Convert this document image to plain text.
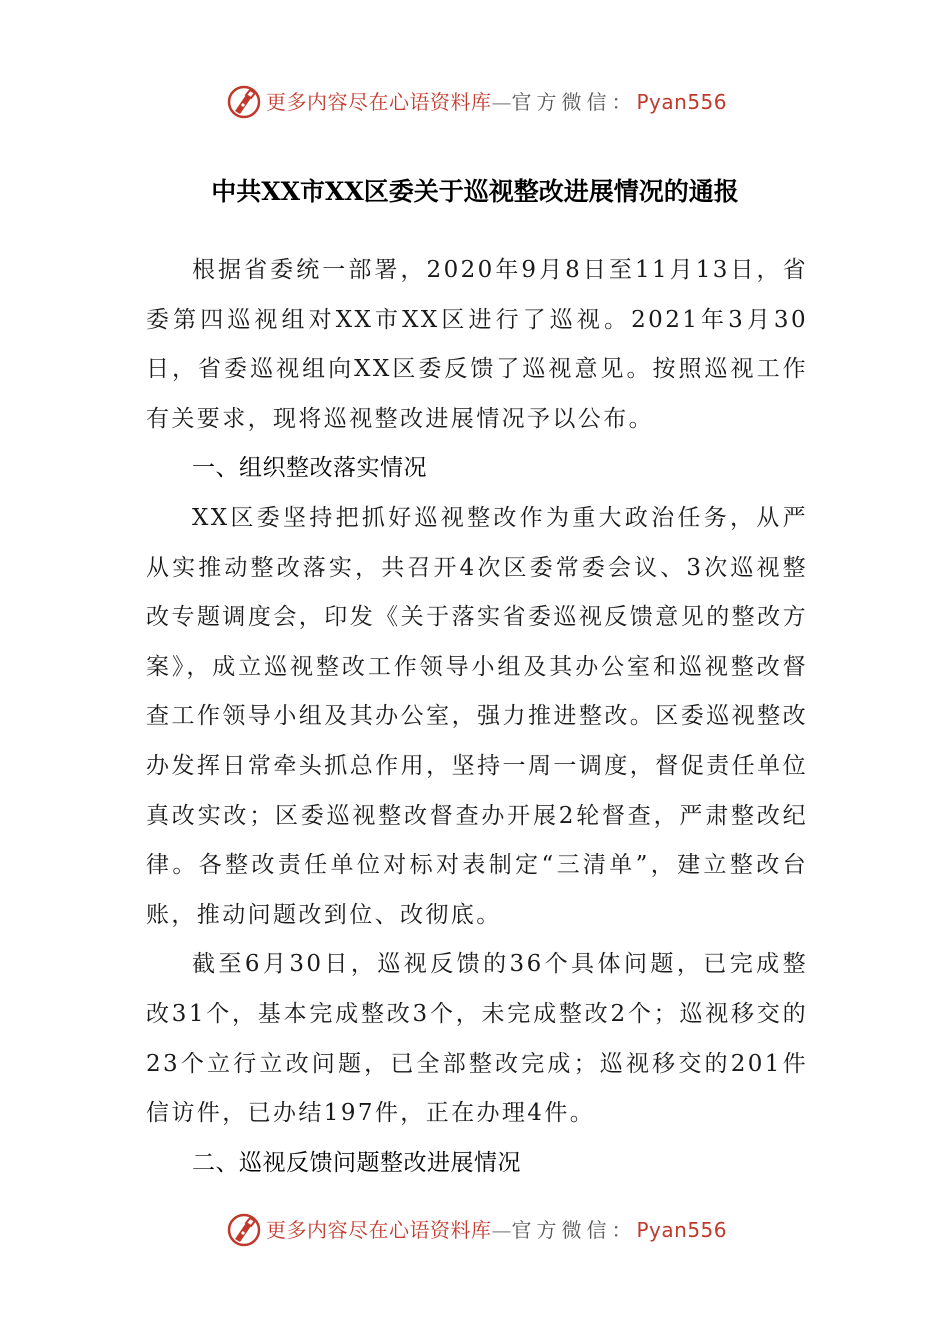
更多内容尽在心语资料库—官方微信：Pyan556
中共XX市XX区委关于巡视整改进展情况的通报

根据省委统一部署，2020年9月8日至11月13日，省委第四巡视组对XX市XX区进行了巡视。2021年3月30日，省委巡视组向XX区委反馈了巡视意见。按照巡视工作有关要求，现将巡视整改进展情况予以公布。

一、组织整改落实情况

XX区委坚持把抓好巡视整改作为重大政治任务，从严从实推动整改落实，共召开4次区委常委会议、3次巡视整改专题调度会，印发《关于落实省委巡视反馈意见的整改方案》，成立巡视整改工作领导小组及其办公室和巡视整改督查工作领导小组及其办公室，强力推进整改。区委巡视整改办发挥日常牵头抓总作用，坚持一周一调度，督促责任单位真改实改；区委巡视整改督查办开展2轮督查，严肃整改纪律。各整改责任单位对标对表制定“三清单”，建立整改台账，推动问题改到位、改彻底。

截至6月30日，巡视反馈的36个具体问题，已完成整改31个，基本完成整改3个，未完成整改2个；巡视移交的23个立行立改问题，已全部整改完成；巡视移交的201件信访件，已办结197件，正在办理4件。

二、巡视反馈问题整改进展情况
更多内容尽在心语资料库—官方微信：Pyan556
